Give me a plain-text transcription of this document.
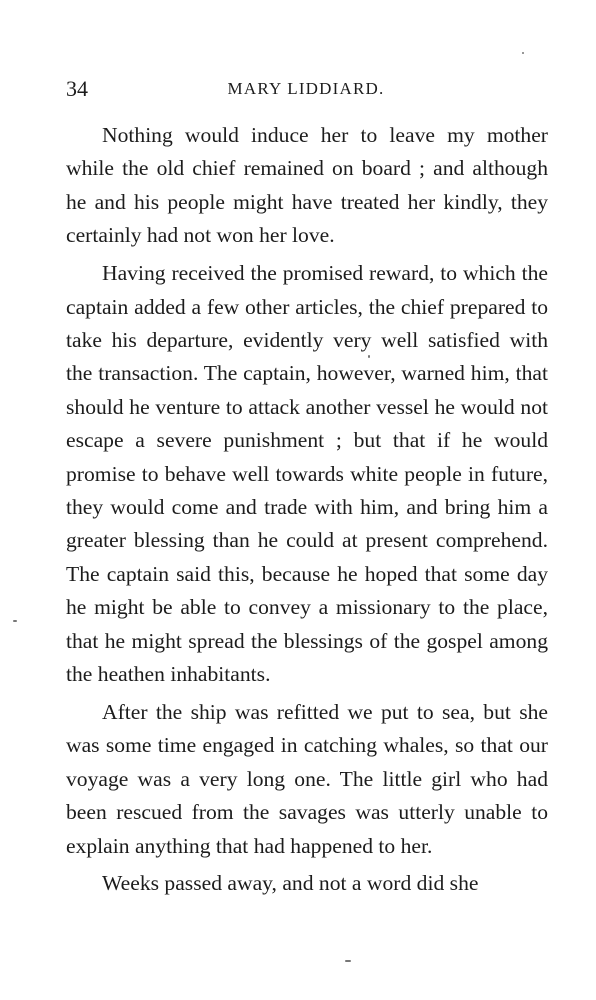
34	MARY LIDDIARD.

Nothing would induce her to leave my mother while the old chief remained on board ; and although he and his people might have treated her kindly, they certainly had not won her love.

Having received the promised reward, to which the captain added a few other articles, the chief prepared to take his departure, evidently very well satisfied with the transaction. The captain, however, warned him, that should he venture to attack another vessel he would not escape a severe punishment ; but that if he would promise to behave well towards white people in future, they would come and trade with him, and bring him a greater blessing than he could at present comprehend. The captain said this, because he hoped that some day he might be able to convey a missionary to the place, that he might spread the blessings of the gospel among the heathen inhabitants.

After the ship was refitted we put to sea, but she was some time engaged in catching whales, so that our voyage was a very long one. The little girl who had been rescued from the savages was utterly unable to explain anything that had happened to her.

Weeks passed away, and not a word did she
